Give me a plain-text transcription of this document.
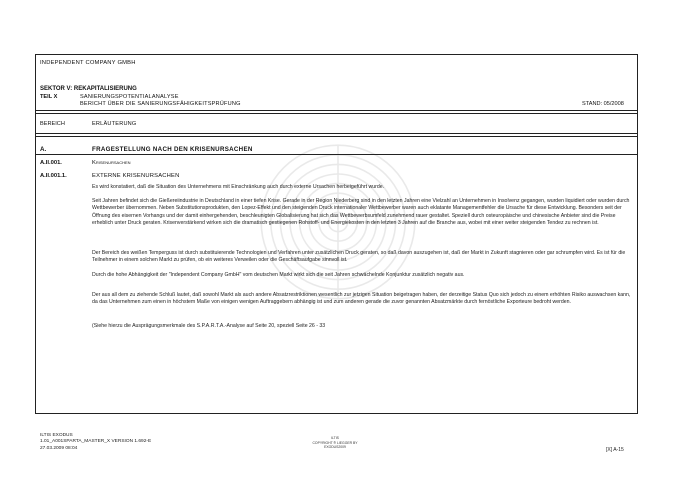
INDEPENDENT COMPANY GMBH
SEKTOR V: REKAPITALISIERUNG
TEIL X	SANIERUNGSPOTENTIALANALYSE
BERICHT ÜBER DIE SANIERUNGSFÄHIGKEITSPRÜFUNG	STAND: 05/2008
BEREICH	ERLÄUTERUNG
A.	FRAGESTELLUNG NACH DEN KRISENURSACHEN
A.II.001.	Krisenursachen
A.II.001.1.	EXTERNE KRISENURSACHEN
Es wird konstatiert, daß die Situation des Unternehmens mit Einschränkung auch durch externe Ursachen herbeigeführt wurde.
Seit Jahren befindet sich die Gießereiindustrie in Deutschland in einer tiefen Krise. Gerade in der Region Niederberg sind in den letzten Jahren eine Vielzahl an Unternehmen in Insolvenz gegangen, wurden liquidiert oder wurden durch Wettbewerber übernommen. Neben Substitutionsprodukten, den Lopez-Effekt und den steigenden Druck internationaler Wettbewerber waren auch eklatante Managementfehler die Ursache für diese Entwicklung. Besonders seit der Öffnung des eisernen Vorhangs und der damit einhergehenden, beschleunigten Globalisierung hat sich das Wettbewerbsumfeld zunehmend rauer gestaltet. Speziell durch osteuropäische und chinesische Anbieter sind die Preise erheblich unter Druck geraten. Krisenverstärkend wirken sich die dramatisch gestiegenen Rohstoff- und Energiekosten in den letzten 3 Jahren auf die Branche aus, wobei mit einer weiter steigenden Tendez zu rechnen ist.
Der Bereich des weißen Temperguss ist durch substituierende Technologien und Verfahren unter zusätzlichen Druck geraten, so daß davon auszugehen ist, daß der Markt in Zukunft stagnieren oder gar schrumpfen wird. Es ist für die Teilnehmer in einem solchen Markt zu prüfen, ob ein weiteres Verweilen oder die Geschäftsaufgabe sinnvoll ist.
Durch die hohe Abhängigkeit der "Independent Company GmbH" vom deutschen Markt wirkt sich die seit Jahren schwächelnde Konjunktur zusätzlich negativ aus.
Der aus all dem zu ziehende Schluß lautet, daß sowohl Markt als auch andere Absatzrestriktionen wesentlich zur jetzigen Situation beigetragen haben, der derzeitige Status Quo sich jedoch zu einem erhöhten Risiko auswachsen kann, da das Unternehmen zum einen in höchstem Maße von einigen wenigen Auftraggebern abhängig ist und zum anderen gerade die zuvor genannten Absatzmärkte durch fernöstliche Exporteure bedroht werden.
(Siehe hierzu die Ausprägungsmerkmale des S.P.A.R.T.A.-Analyse auf Seite 20, speziell Seite 26 - 33
ILTIS EXODUS
1.01_A001SPARTA_MASTER_X VERSION 1.692-E
27.03.2009 08:04
ILTIS
COPYRIGHT ® LIEGGER BY
EXODUS2009	[X] A-15
